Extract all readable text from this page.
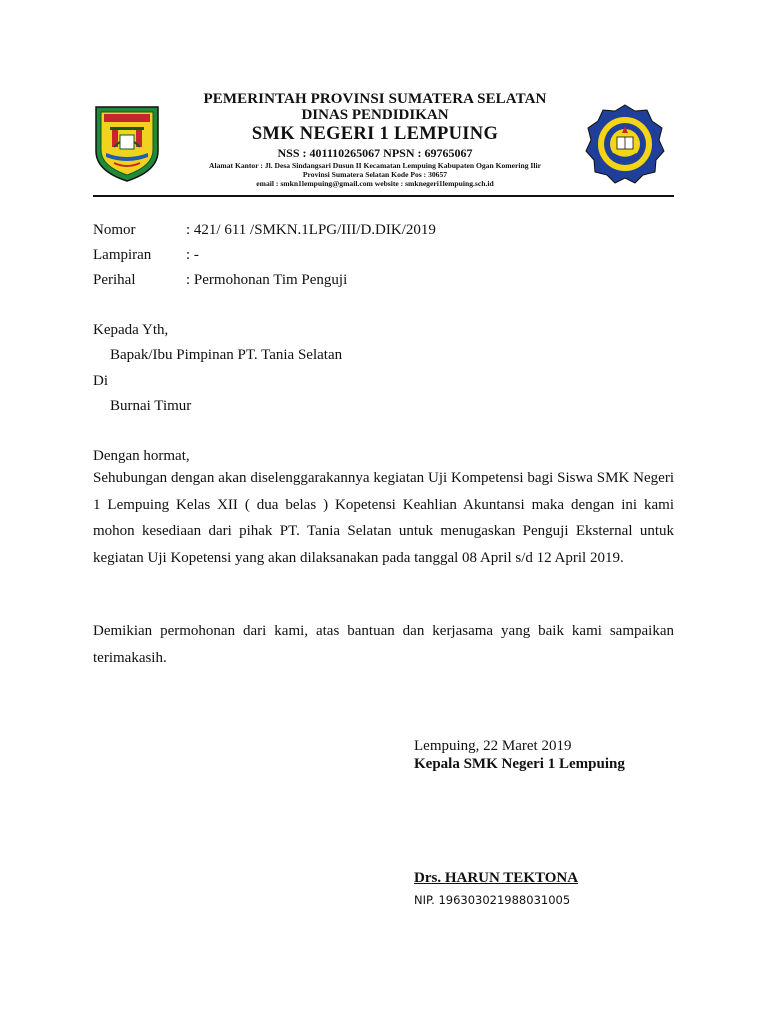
PEMERINTAH PROVINSI SUMATERA SELATAN
DINAS PENDIDIKAN
SMK NEGERI 1 LEMPUING
NSS : 401110265067 NPSN : 69765067
Alamat Kantor : Jl. Desa Sindangsari Dusun II Kecamatan Lempuing Kabupaten Ogan Komering Ilir
Provinsi Sumatera Selatan Kode Pos : 30657
email : smkn1lempuing@gmail.com website : smknegeri1lempuing.sch.id
Nomor	: 421/ 611 /SMKN.1LPG/III/D.DIK/2019
Lampiran : -
Perihal	: Permohonan Tim Penguji
Kepada Yth,
Bapak/Ibu Pimpinan PT. Tania Selatan
Di
Burnai Timur
Dengan hormat,
Sehubungan dengan akan diselenggarakannya kegiatan Uji Kompetensi bagi Siswa SMK Negeri 1 Lempuing Kelas XII ( dua belas ) Kopetensi Keahlian Akuntansi maka dengan ini kami mohon kesediaan dari pihak PT. Tania Selatan untuk menugaskan Penguji Eksternal untuk kegiatan Uji Kopetensi yang akan dilaksanakan pada tanggal 08 April s/d 12 April 2019.
Demikian permohonan dari kami, atas bantuan dan kerjasama yang baik kami sampaikan terimakasih.
Lempuing, 22 Maret 2019
Kepala SMK Negeri 1 Lempuing
Drs. HARUN TEKTONA
NIP. 196303021988031005
